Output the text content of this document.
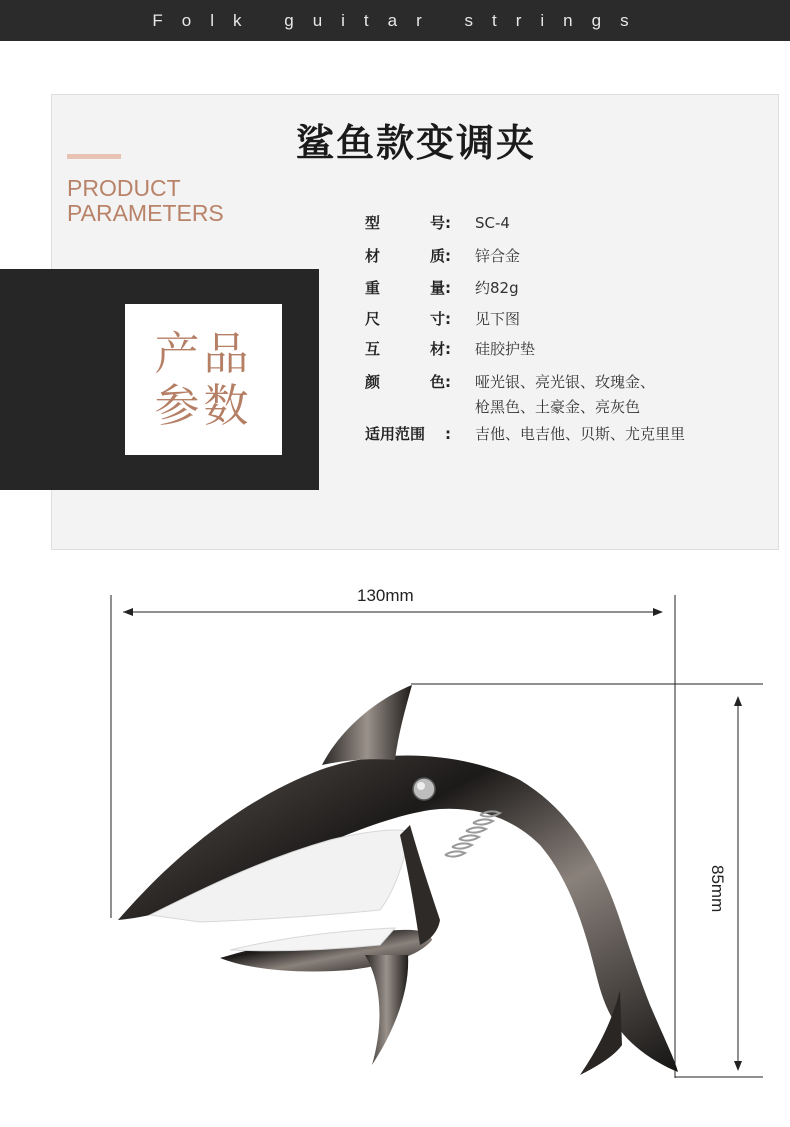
Folk guitar strings
PRODUCT
PARAMETERS
鲨鱼款变调夹
产品
参数
型	号: SC-4
材	质: 锌合金
重	量: 约82g
尺	寸: 见下图
互	材: 硅胶护垫
颜	色: 哑光银、亮光银、玫瑰金、
枪黑色、土豪金、亮灰色
适用范围 : 吉他、电吉他、贝斯、尤克里里
130mm
85mm
